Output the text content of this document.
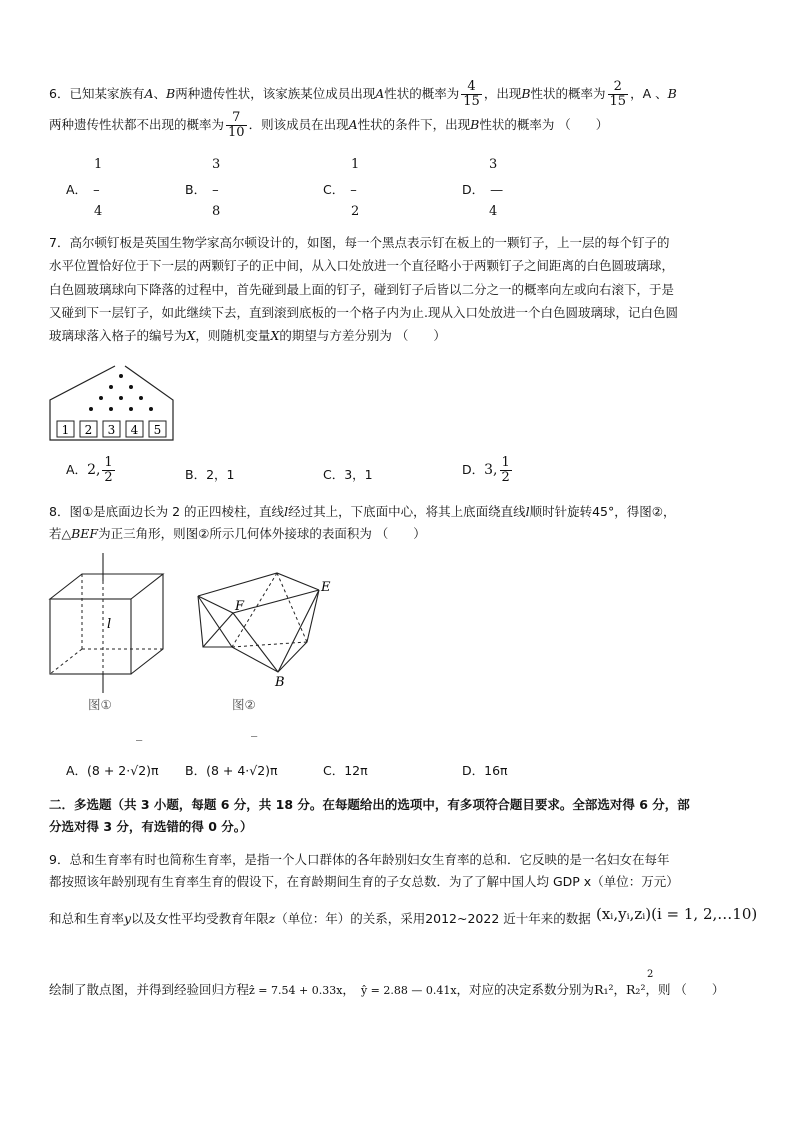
6．已知某家族有A、B两种遗传性状，该家族某位成员出现A性状的概率为 $\frac{4}{15}$ ，出现B性状的概率为 $\frac{2}{15}$ ，A 、B
两种遗传性状都不出现的概率为 $\frac{7}{10}$ ．则该成员在出现A性状的条件下，出现B性状的概率为 （　　）
1
A． –
4
3
B． –
8
1
C． –
2
3
D． —
4
7．高尔顿钉板是英国生物学家高尔顿设计的，如图，每一个黑点表示钉在板上的一颗钉子，上一层的每个钉子的
水平位置恰好位于下一层的两颗钉子的正中间，从入口处放进一个直径略小于两颗钉子之间距离的白色圆玻璃球，
白色圆玻璃球向下降落的过程中，首先碰到最上面的钉子，碰到钉子后皆以二分之一的概率向左或向右滚下，于是
又碰到下一层钉子，如此继续下去，直到滚到底板的一个格子内为止.现从入口处放进一个白色圆玻璃球，记白色圆
玻璃球落入格子的编号为X，则随机变量X的期望与方差分别为 （　　）
1 2 3 4 5
A．2, $\frac{1}{2}$	B．2，1	C．3，1	D．3, $\frac{1}{2}$
8．图①是底面边长为 2 的正四棱柱，直线l经过其上，下底面中心，将其上底面绕直线l顺时针旋转45°，得图②，
若△BEF为正三角形，则图②所示几何体外接球的表面积为 （　　）
l
图①
E
F
B
图②
_	_
A．(8 + 2·√2)π B．(8 + 4·√2)π	C．12π	D．16π
二．多选题（共 3 小题，每题 6 分，共 18 分。在每题给出的选项中，有多项符合题目要求。全部选对得 6 分，部
分选对得 3 分，有选错的得 0 分。）
9．总和生育率有时也简称生育率，是指一个人口群体的各年龄别妇女生育率的总和．它反映的是一名妇女在每年
都按照该年龄别现有生育率生育的假设下，在育龄期间生育的子女总数．为了了解中国人均 GDP x（单位：万元）
和总和生育率y以及女性平均受教育年限z（单位：年）的关系，采用2012~2022 近十年来的数据 (xᵢ,yᵢ,zᵢ)(i = 1, 2,…10)
绘制了散点图，并得到经验回归方程ẑ = 7.54 + 0.33x， ŷ = 2.88 — 0.41x，对应的决定系数分别为R₁²，R₂²，则 （　　）
2
